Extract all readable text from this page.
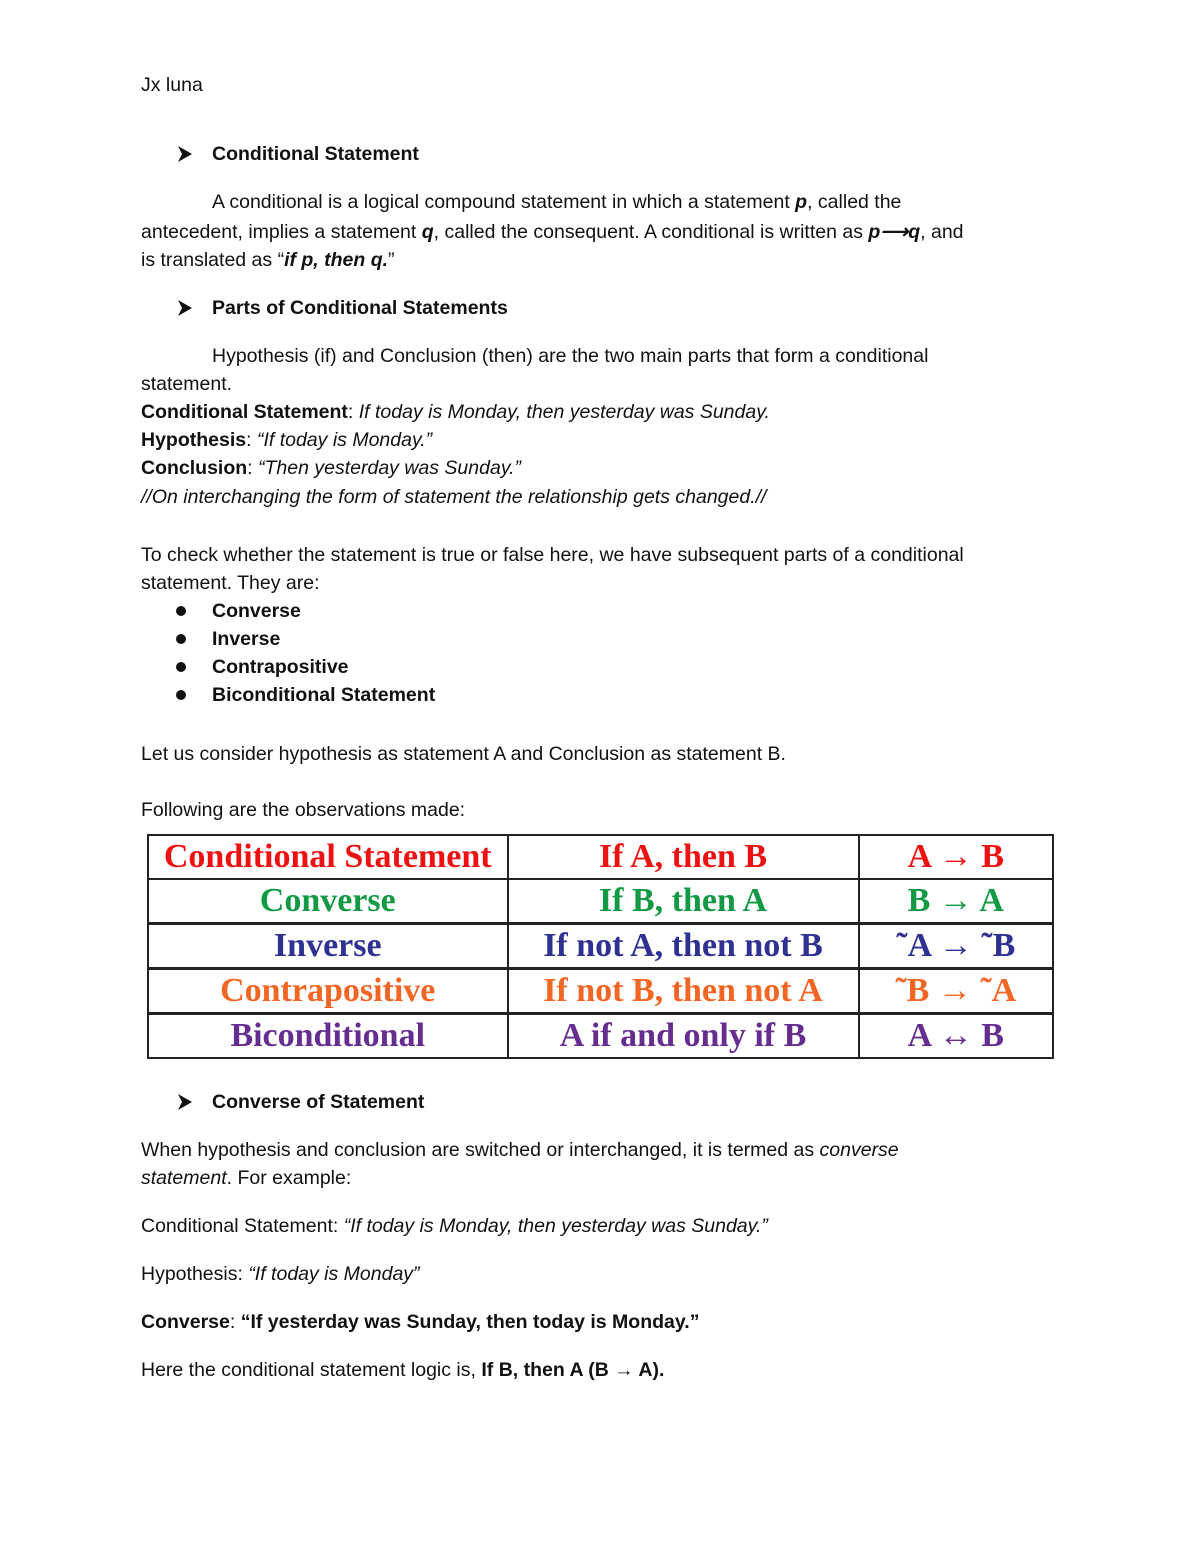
Jx luna
Conditional Statement
A conditional is a logical compound statement in which a statement p, called the
antecedent, implies a statement q, called the consequent. A conditional is written as p⟶q, and
is translated as “if p, then q.”
Parts of Conditional Statements
Hypothesis (if) and Conclusion (then) are the two main parts that form a conditional
statement.
Conditional Statement: If today is Monday, then yesterday was Sunday.
Hypothesis: “If today is Monday.”
Conclusion: “Then yesterday was Sunday.”
//On interchanging the form of statement the relationship gets changed.//
To check whether the statement is true or false here, we have subsequent parts of a conditional
statement. They are:
Converse
Inverse
Contrapositive
Biconditional Statement
Let us consider hypothesis as statement A and Conclusion as statement B.
Following are the observations made:
Conditional Statement	If A, then B	A → B
Converse	If B, then A	B → A
Inverse	If not A, then not B	˜A → ˜B
Contrapositive	If not B, then not A	˜B → ˜A
Biconditional	A if and only if B	A ↔ B
Converse of Statement
When hypothesis and conclusion are switched or interchanged, it is termed as converse
statement. For example:
Conditional Statement: “If today is Monday, then yesterday was Sunday.”
Hypothesis: “If today is Monday”
Converse: “If yesterday was Sunday, then today is Monday.”
Here the conditional statement logic is, If B, then A (B → A).
